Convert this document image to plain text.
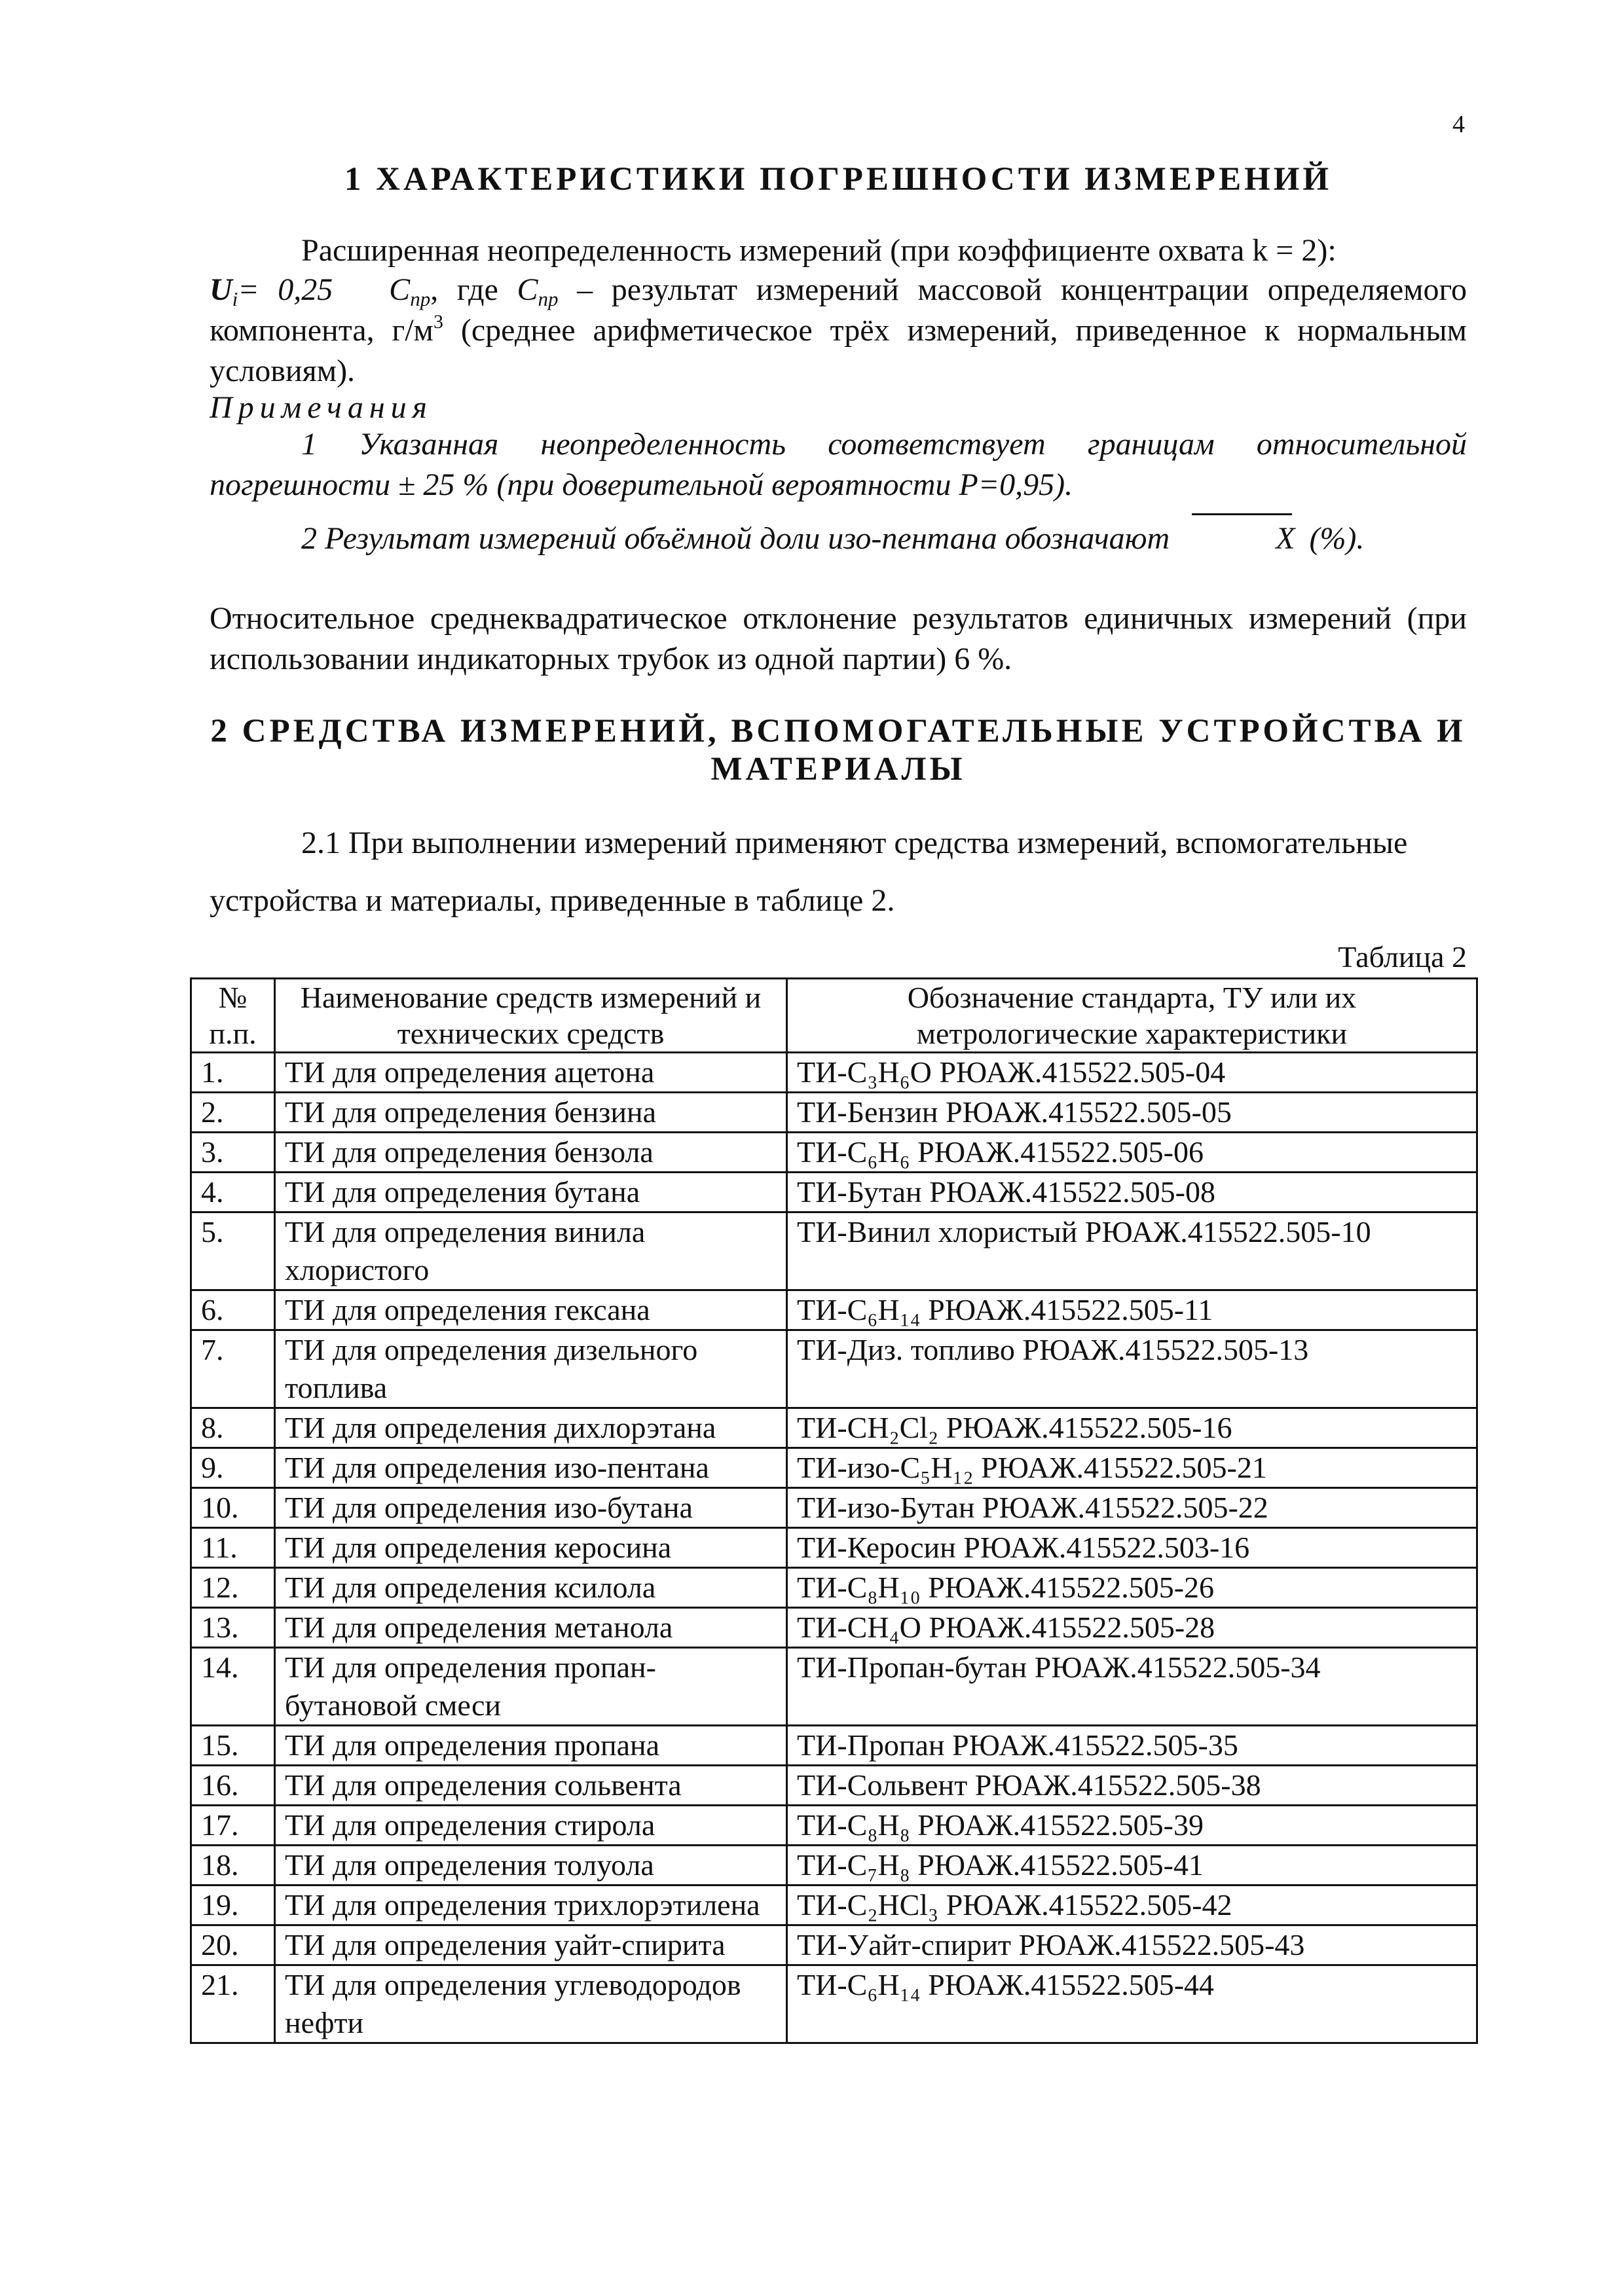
4
1 ХАРАКТЕРИСТИКИ ПОГРЕШНОСТИ ИЗМЕРЕНИЙ
Расширенная неопределенность измерений (при коэффициенте охвата k = 2):
$U_i= 0,25$ $C_{пр}$, где $C_{пр}$ – результат измерений массовой концентрации определяемого компонента, $г/м^3$ (среднее арифметическое трёх измерений, приведенное к нормальным условиям).
Примечания
1 Указанная неопределенность соответствует границам относительной погрешности ± 25 % (при доверительной вероятности P=0,95).
2 Результат измерений объёмной доли изо-пентана обозначают	X (%).
Относительное среднеквадратическое отклонение результатов единичных измерений (при использовании индикаторных трубок из одной партии) 6 %.
2 СРЕДСТВА ИЗМЕРЕНИЙ, ВСПОМОГАТЕЛЬНЫЕ УСТРОЙСТВА И
МАТЕРИАЛЫ
2.1 При выполнении измерений применяют средства измерений, вспомогательные
устройства и материалы, приведенные в таблице 2.
Таблица 2
№ п.п.	Наименование средств измерений и технических средств	Обозначение стандарта, ТУ или их метрологические характеристики
1.	ТИ для определения ацетона	ТИ-C₃H₆O РЮАЖ.415522.505-04
2.	ТИ для определения бензина	ТИ-Бензин РЮАЖ.415522.505-05
3.	ТИ для определения бензола	ТИ-C₆H₆ РЮАЖ.415522.505-06
4.	ТИ для определения бутана	ТИ-Бутан РЮАЖ.415522.505-08
5.	ТИ для определения винила хлористого	ТИ-Винил хлористый РЮАЖ.415522.505-10
6.	ТИ для определения гексана	ТИ-C₆H₁₄ РЮАЖ.415522.505-11
7.	ТИ для определения дизельного топлива	ТИ-Диз. топливо РЮАЖ.415522.505-13
8.	ТИ для определения дихлорэтана	ТИ-CH₂Cl₂ РЮАЖ.415522.505-16
9.	ТИ для определения изо-пентана	ТИ-изо-C₅H₁₂ РЮАЖ.415522.505-21
10.	ТИ для определения изо-бутана	ТИ-изо-Бутан РЮАЖ.415522.505-22
11.	ТИ для определения керосина	ТИ-Керосин РЮАЖ.415522.503-16
12.	ТИ для определения ксилола	ТИ-C₈H₁₀ РЮАЖ.415522.505-26
13.	ТИ для определения метанола	ТИ-CH₄O РЮАЖ.415522.505-28
14.	ТИ для определения пропан-бутановой смеси	ТИ-Пропан-бутан РЮАЖ.415522.505-34
15.	ТИ для определения пропана	ТИ-Пропан РЮАЖ.415522.505-35
16.	ТИ для определения сольвента	ТИ-Сольвент РЮАЖ.415522.505-38
17.	ТИ для определения стирола	ТИ-C₈H₈ РЮАЖ.415522.505-39
18.	ТИ для определения толуола	ТИ-C₇H₈ РЮАЖ.415522.505-41
19.	ТИ для определения трихлорэтилена	ТИ-C₂HCl₃ РЮАЖ.415522.505-42
20.	ТИ для определения уайт-спирита	ТИ-Уайт-спирит РЮАЖ.415522.505-43
21.	ТИ для определения углеводородов нефти	ТИ-C₆H₁₄ РЮАЖ.415522.505-44
